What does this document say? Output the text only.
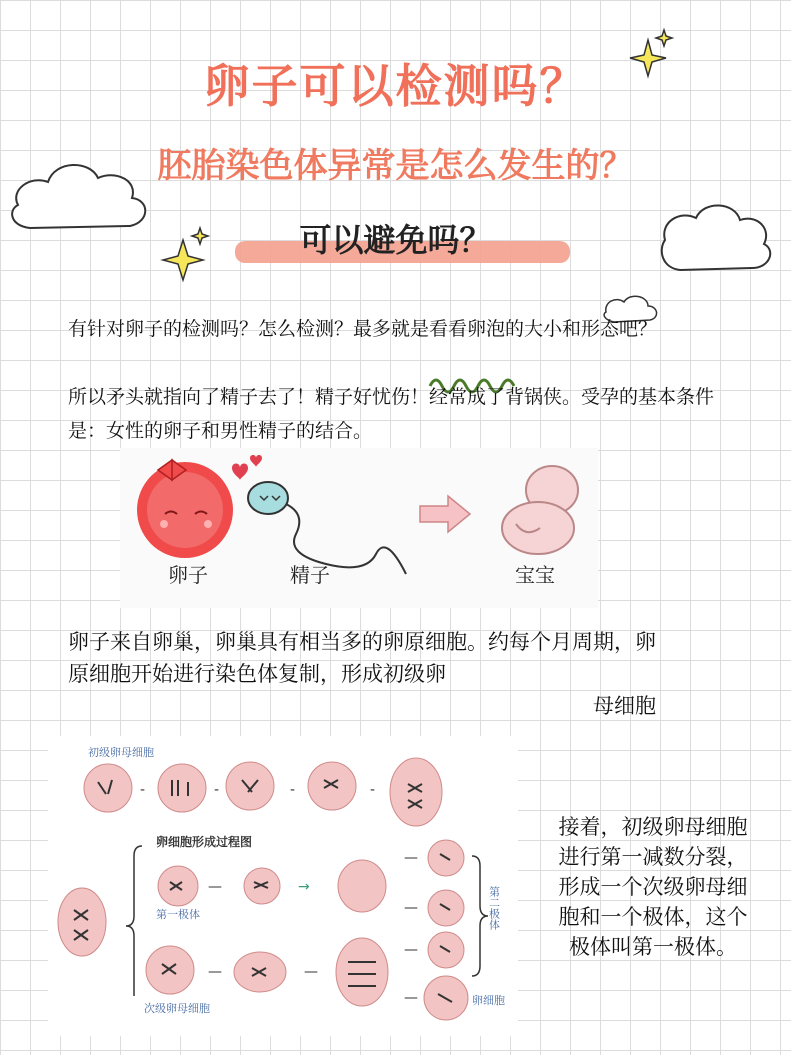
卵子可以检测吗？
胚胎染色体异常是怎么发生的？
可以避免吗？
有针对卵子的检测吗？怎么检测？最多就是看看卵泡的大小和形态吧？
所以矛头就指向了精子去了！精子好忧伤！经常成了背锅侠。受孕的基本条件是：女性的卵子和男性精子的结合。
卵子	精子	宝宝
卵子来自卵巢，卵巢具有相当多的卵原细胞。约每个月周期，卵原细胞开始进行染色体复制，形成初级卵
母细胞
初级卵母细胞
-	-	-	-
卵细胞形成过程图
第一极体	第二极体
次级卵母细胞
卵细胞
—	→
—
—
—	—
—
—
接着，初级卵母细胞进行第一减数分裂，形成一个次级卵母细胞和一个极体，这个极体叫第一极体。
